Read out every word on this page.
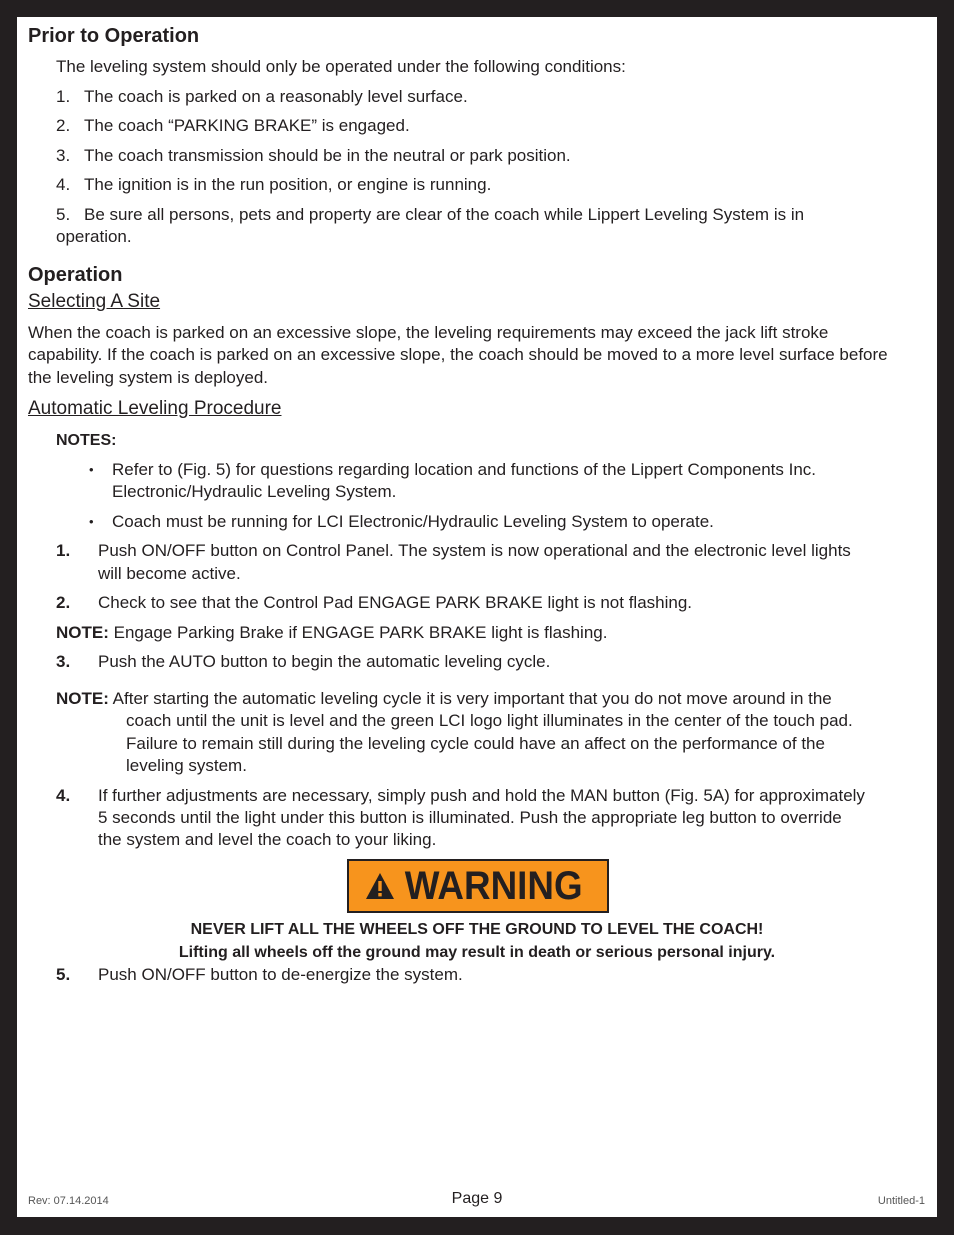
Prior to Operation
The leveling system should only be operated under the following conditions:
1. The coach is parked on a reasonably level surface.
2. The coach “PARKING BRAKE” is engaged.
3. The coach transmission should be in the neutral or park position.
4. The ignition is in the run position, or engine is running.
5. Be sure all persons, pets and property are clear of the coach while Lippert Leveling System is in
operation.
Operation
Selecting A Site
When the coach is parked on an excessive slope, the leveling requirements may exceed the jack lift stroke
capability. If the coach is parked on an excessive slope, the coach should be moved to a more level surface before
the leveling system is deployed.
Automatic Leveling Procedure
NOTES:
• Refer to (Fig. 5) for questions regarding location and functions of the Lippert Components Inc.
Electronic/Hydraulic Leveling System.
• Coach must be running for LCI Electronic/Hydraulic Leveling System to operate.
1. Push ON/OFF button on Control Panel. The system is now operational and the electronic level lights
will become active.
2. Check to see that the Control Pad ENGAGE PARK BRAKE light is not flashing.
NOTE: Engage Parking Brake if ENGAGE PARK BRAKE light is flashing.
3. Push the AUTO button to begin the automatic leveling cycle.
NOTE: After starting the automatic leveling cycle it is very important that you do not move around in the
coach until the unit is level and the green LCI logo light illuminates in the center of the touch pad.
Failure to remain still during the leveling cycle could have an affect on the performance of the
leveling system.
4. If further adjustments are necessary, simply push and hold the MAN button (Fig. 5A) for approximately
5 seconds until the light under this button is illuminated. Push the appropriate leg button to override
the system and level the coach to your liking.
WARNING
NEVER LIFT ALL THE WHEELS OFF THE GROUND TO LEVEL THE COACH!
Lifting all wheels off the ground may result in death or serious personal injury.
5. Push ON/OFF button to de-energize the system.
Rev: 07.14.2014	Page 9	Untitled-1
